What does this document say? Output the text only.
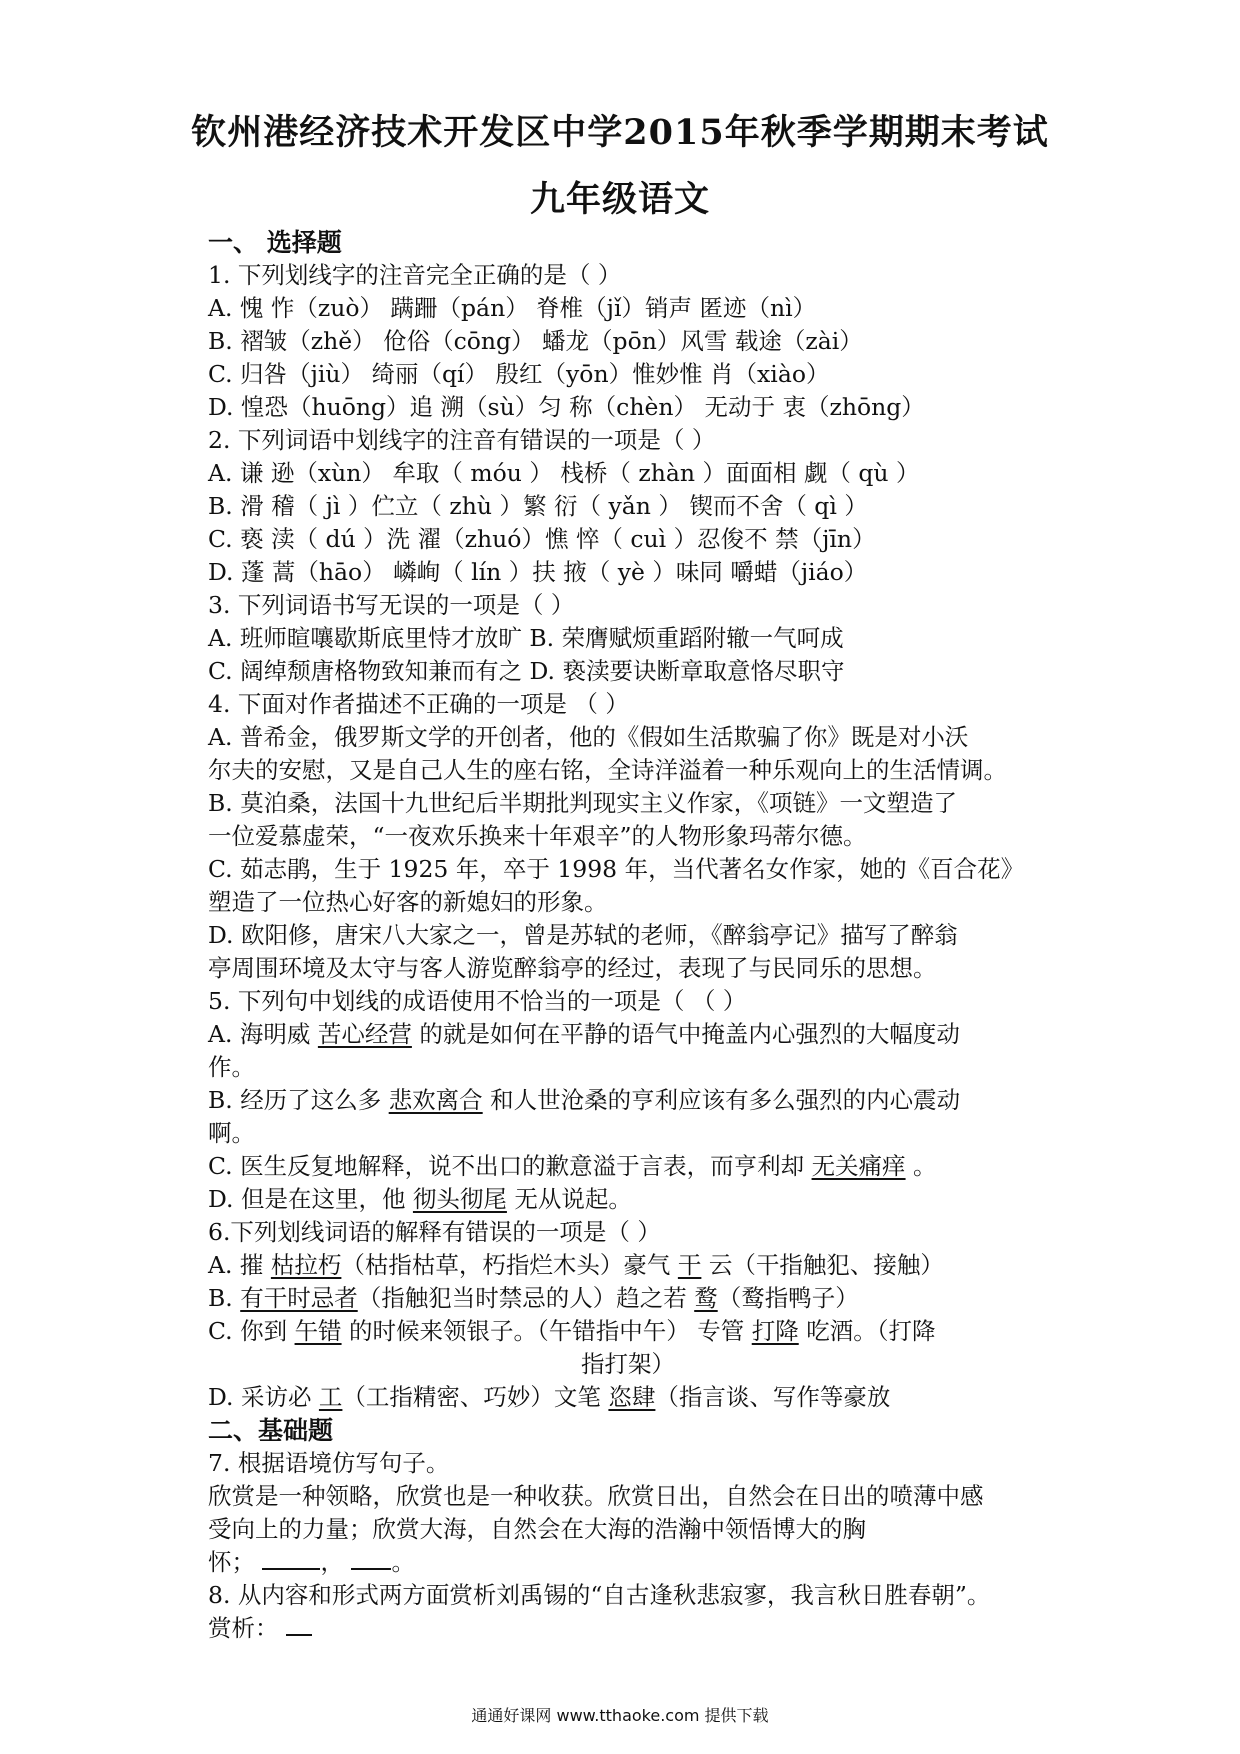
钦州港经济技术开发区中学2015年秋季学期期末考试
九年级语文
一、 选择题
1. 下列划线字的注音完全正确的是（ ）
A. 愧 怍（zuò） 蹒跚（pán） 脊椎（jǐ）销声 匿迹（nì）
B. 褶皱（zhě） 伧俗（cōng） 蟠龙（pōn）风雪 载途（zài）
C. 归咎（jiù） 绮丽（qí） 殷红（yōn）惟妙惟 肖（xiào）
D. 惶恐（huōng）追 溯（sù）匀 称（chèn） 无动于 衷（zhōng）
2. 下列词语中划线字的注音有错误的一项是（ ）
A. 谦 逊（xùn） 牟取（ móu ） 栈桥（ zhàn ）面面相 觑（ qù ）
B. 滑 稽（ jì ）伫立（ zhù ）繁 衍（ yǎn ） 锲而不舍（ qì ）
C. 亵 渎（ dú ）洗 濯（zhuó）憔 悴（ cuì ）忍俊不 禁（jīn）
D. 蓬 蒿（hāo） 嶙峋（ lín ）扶 掖（ yè ）味同 嚼蜡（jiáo）
3. 下列词语书写无误的一项是（ ）
A. 班师暄嚷歇斯底里恃才放旷 B. 荣膺赋烦重蹈附辙一气呵成
C. 阔绰颓唐格物致知兼而有之 D. 亵渎要诀断章取意恪尽职守
4. 下面对作者描述不正确的一项是 （ ）
A. 普希金，俄罗斯文学的开创者，他的《假如生活欺骗了你》既是对小沃
尔夫的安慰，又是自己人生的座右铭，全诗洋溢着一种乐观向上的生活情调。
B. 莫泊桑，法国十九世纪后半期批判现实主义作家，《项链》一文塑造了
一位爱慕虚荣，“一夜欢乐换来十年艰辛”的人物形象玛蒂尔德。
C. 茹志鹃，生于 1925 年，卒于 1998 年，当代著名女作家，她的《百合花》
塑造了一位热心好客的新媳妇的形象。
D. 欧阳修，唐宋八大家之一，曾是苏轼的老师，《醉翁亭记》描写了醉翁
亭周围环境及太守与客人游览醉翁亭的经过，表现了与民同乐的思想。
5. 下列句中划线的成语使用不恰当的一项是（ （ ）
A. 海明威 苦心经营 的就是如何在平静的语气中掩盖内心强烈的大幅度动
作。
B. 经历了这么多 悲欢离合 和人世沧桑的亨利应该有多么强烈的内心震动
啊。
C. 医生反复地解释，说不出口的歉意溢于言表，而亨利却 无关痛痒 。
D. 但是在这里，他 彻头彻尾 无从说起。
6.下列划线词语的解释有错误的一项是（ ）
A. 摧 枯拉朽（枯指枯草，朽指烂木头）豪气 干 云（干指触犯、接触）
B. 有干时忌者（指触犯当时禁忌的人）趋之若 鹜（鹜指鸭子）
C. 你到 午错 的时候来领银子。（午错指中午） 专管 打降 吃酒。（打降
指打架）
D. 采访必 工（工指精密、巧妙）文笔 恣肆（指言谈、写作等豪放
二、基础题
7. 根据语境仿写句子。
欣赏是一种领略，欣赏也是一种收获。欣赏日出，自然会在日出的喷薄中感
受向上的力量；欣赏大海，自然会在大海的浩瀚中领悟博大的胸
怀；	， 。
8. 从内容和形式两方面赏析刘禹锡的“自古逢秋悲寂寥，我言秋日胜春朝”。
赏析：
通通好课网 www.tthaoke.com 提供下载
